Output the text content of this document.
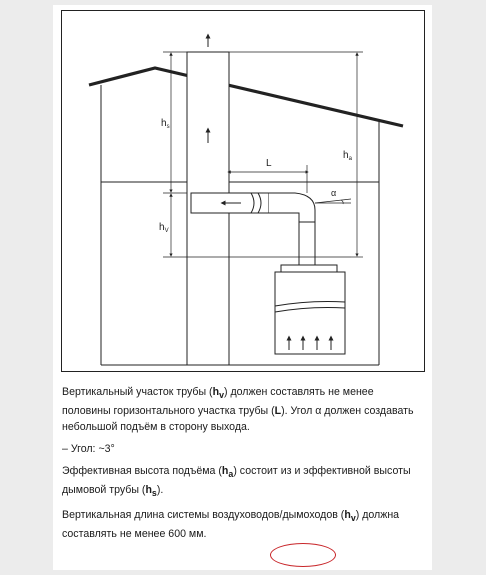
$h_s$
$h_V$
$h_a$
L
α

Вертикальный участок трубы $(h_v)$ должен составлять не менее половины горизонтального участка трубы (L). Угол α должен создавать небольшой подъём в сторону выхода.

– Угол: ~3°

Эффективная высота подъёма $(h_a)$ состоит из и эффективной высоты дымовой трубы $(h_s)$.

Вертикальная длина системы воздуховодов/дымоходов $(h_v)$ должна составлять не менее 600 мм.
